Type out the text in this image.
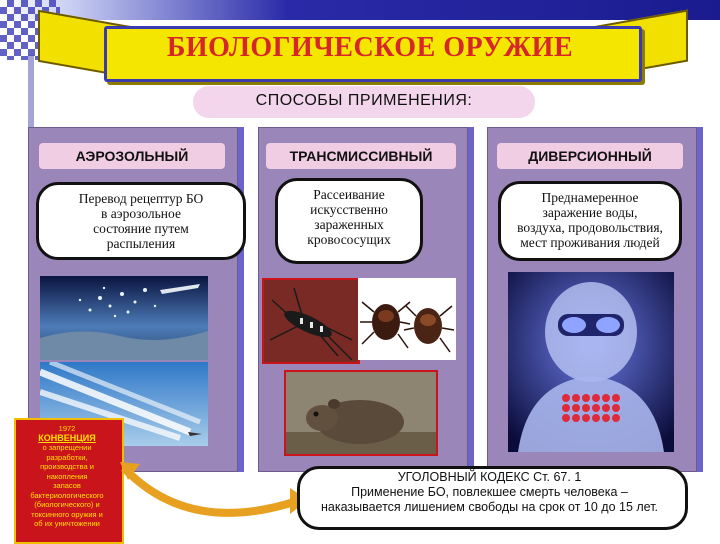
БИОЛОГИЧЕСКОЕ ОРУЖИЕ
СПОСОБЫ ПРИМЕНЕНИЯ:
АЭРОЗОЛЬНЫЙ
Перевод рецептур БО
в аэрозольное
состояние путем
распыления
ТРАНСМИССИВНЫЙ
Рассеивание
искусственно
зараженных
кровососущих
ДИВЕРСИОННЫЙ
Преднамеренное
заражение воды,
воздуха, продовольствия,
мест проживания людей
1972
КОНВЕНЦИЯ
о запрещении
разработки,
производства и
накопления
запасов
бактериологического
(биологического) и
токсинного оружия и
об их уничтожении
УГОЛОВНЫЙ КОДЕКС Ст. 67. 1
Применение БО, повлекшее смерть человека –
наказывается лишением свободы на срок от 10 до 15 лет.
